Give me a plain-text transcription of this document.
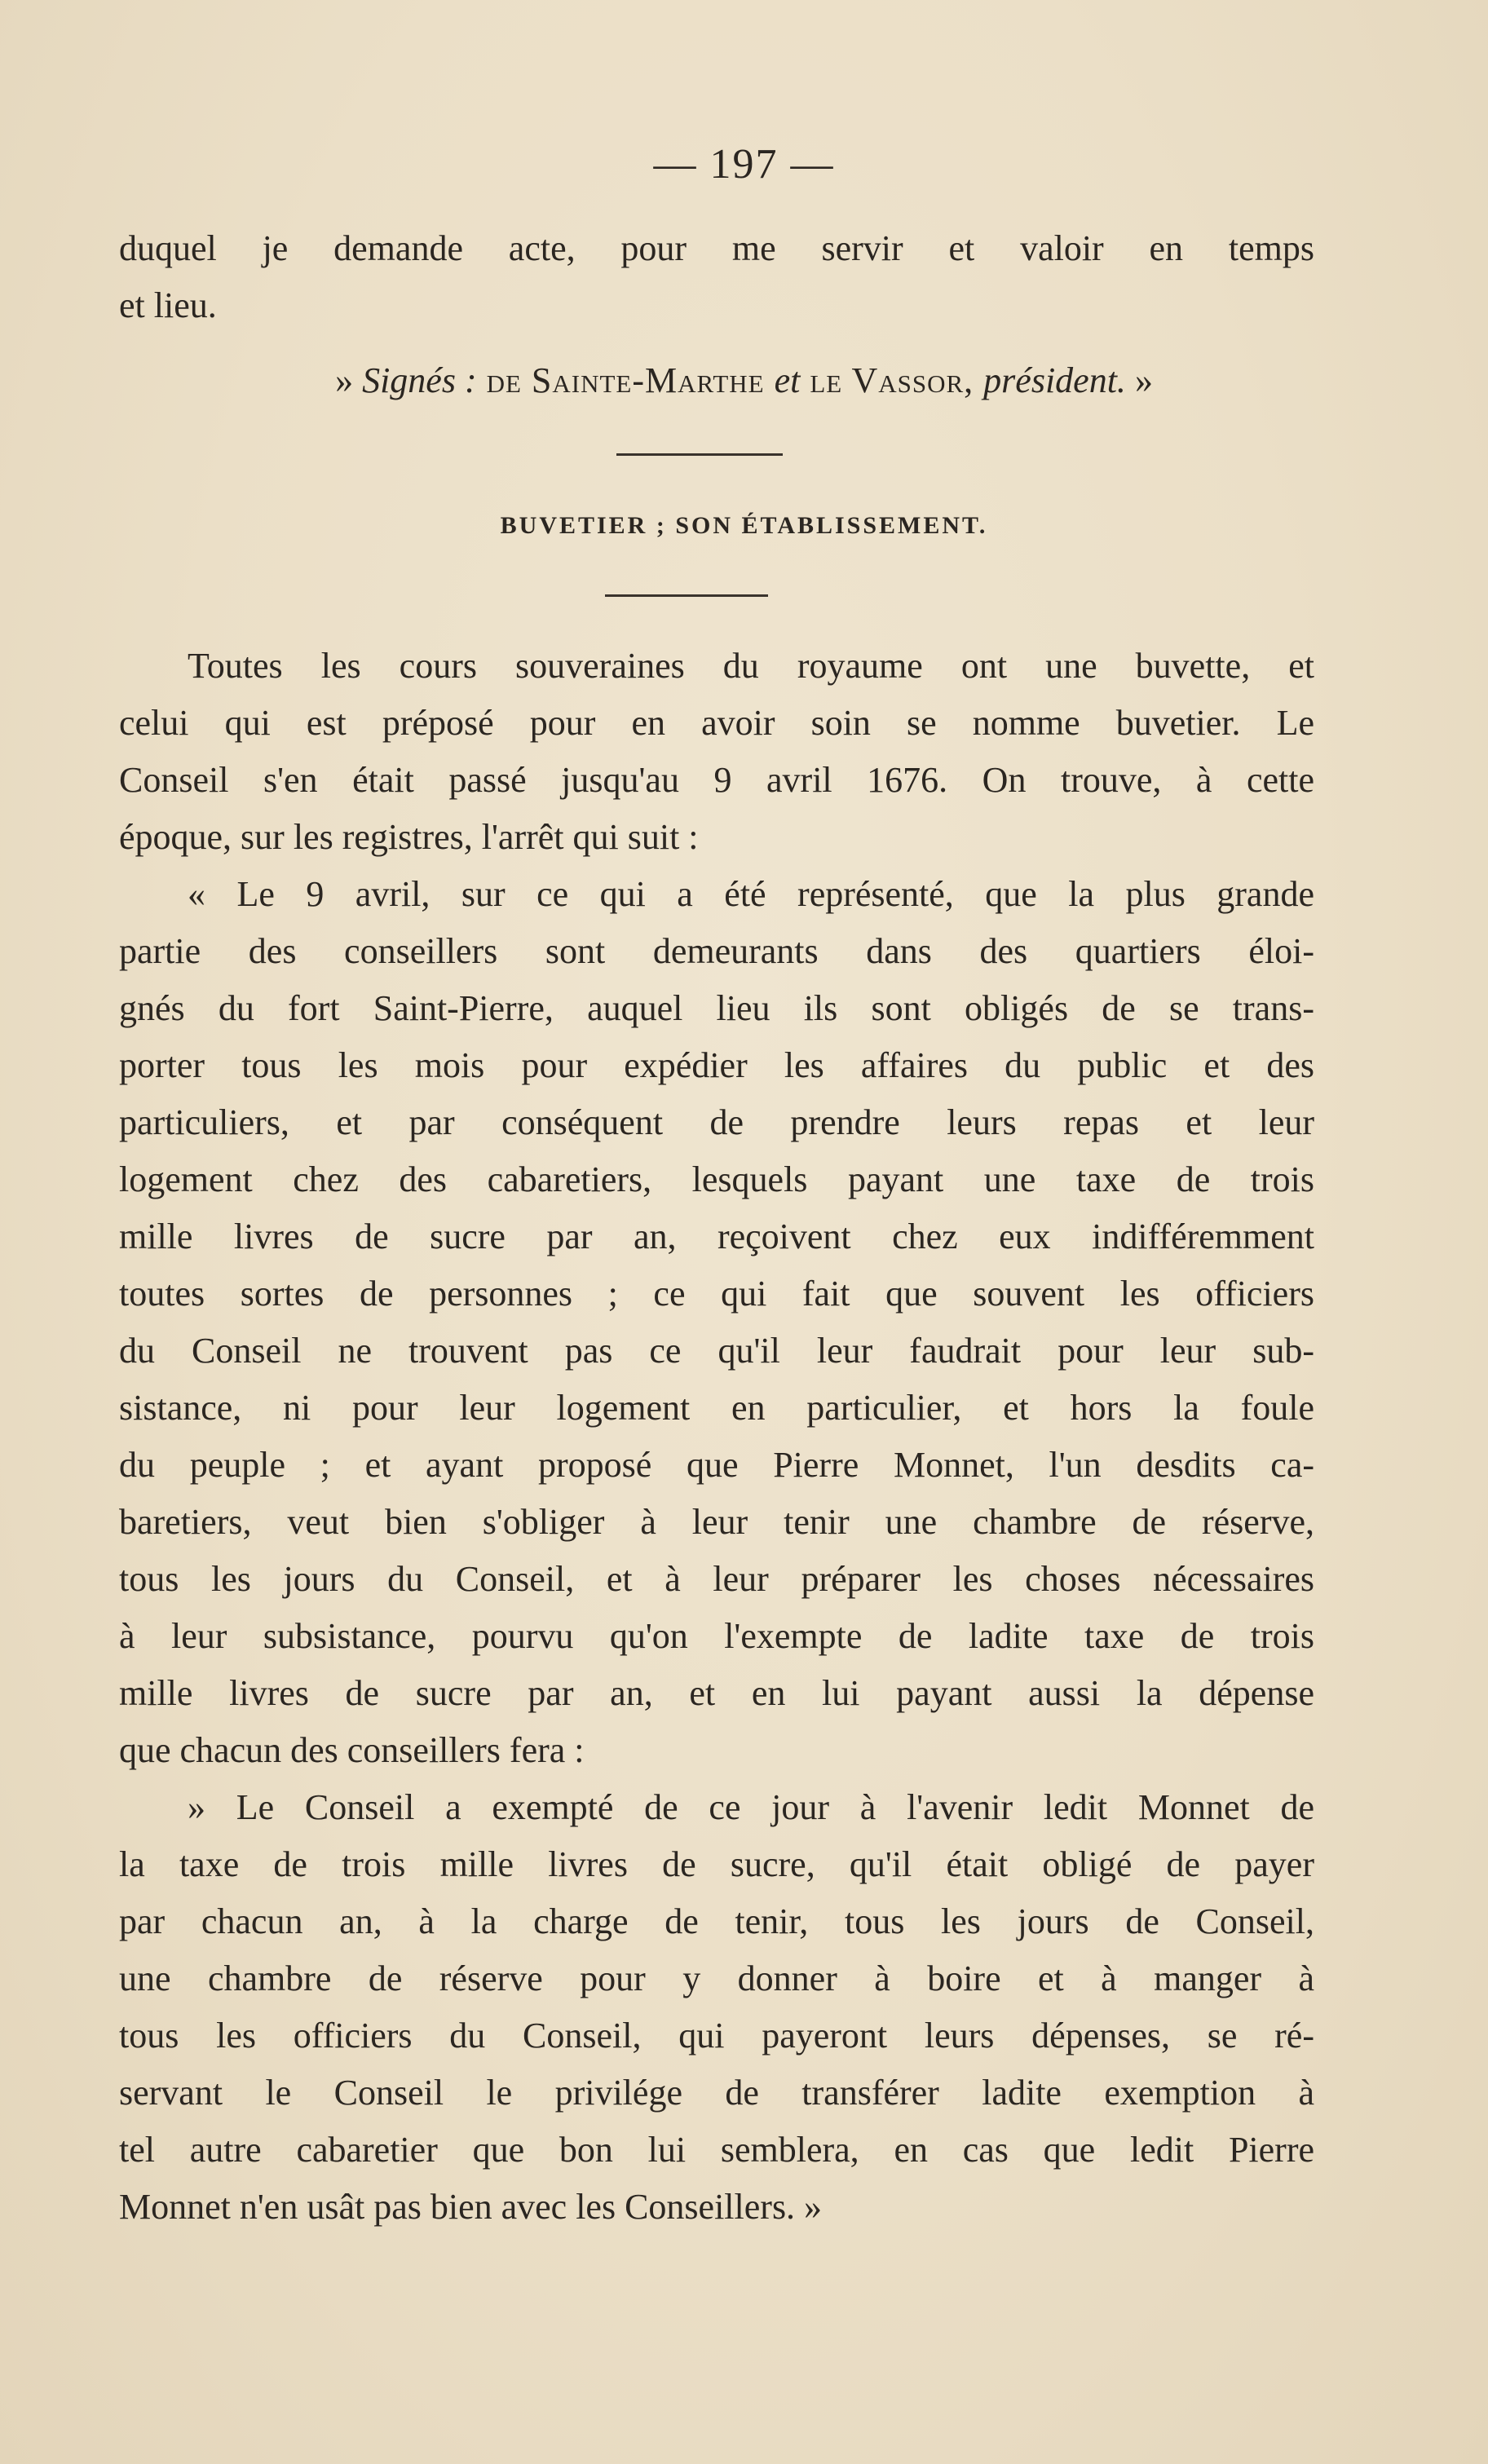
— 197 —
duquel je demande acte, pour me servir et valoir en temps
et lieu.
» Signés : de Sainte-Marthe et le Vassor, président. »
BUVETIER ; SON ÉTABLISSEMENT.
Toutes les cours souveraines du royaume ont une buvette, et
celui qui est préposé pour en avoir soin se nomme buvetier. Le
Conseil s'en était passé jusqu'au 9 avril 1676. On trouve, à cette
époque, sur les registres, l'arrêt qui suit :
« Le 9 avril, sur ce qui a été représenté, que la plus grande
partie des conseillers sont demeurants dans des quartiers éloi-
gnés du fort Saint-Pierre, auquel lieu ils sont obligés de se trans-
porter tous les mois pour expédier les affaires du public et des
particuliers, et par conséquent de prendre leurs repas et leur
logement chez des cabaretiers, lesquels payant une taxe de trois
mille livres de sucre par an, reçoivent chez eux indifféremment
toutes sortes de personnes ; ce qui fait que souvent les officiers
du Conseil ne trouvent pas ce qu'il leur faudrait pour leur sub-
sistance, ni pour leur logement en particulier, et hors la foule
du peuple ; et ayant proposé que Pierre Monnet, l'un desdits ca-
baretiers, veut bien s'obliger à leur tenir une chambre de réserve,
tous les jours du Conseil, et à leur préparer les choses nécessaires
à leur subsistance, pourvu qu'on l'exempte de ladite taxe de trois
mille livres de sucre par an, et en lui payant aussi la dépense
que chacun des conseillers fera :
» Le Conseil a exempté de ce jour à l'avenir ledit Monnet de
la taxe de trois mille livres de sucre, qu'il était obligé de payer
par chacun an, à la charge de tenir, tous les jours de Conseil,
une chambre de réserve pour y donner à boire et à manger à
tous les officiers du Conseil, qui payeront leurs dépenses, se ré-
servant le Conseil le privilége de transférer ladite exemption à
tel autre cabaretier que bon lui semblera, en cas que ledit Pierre
Monnet n'en usât pas bien avec les Conseillers. »
